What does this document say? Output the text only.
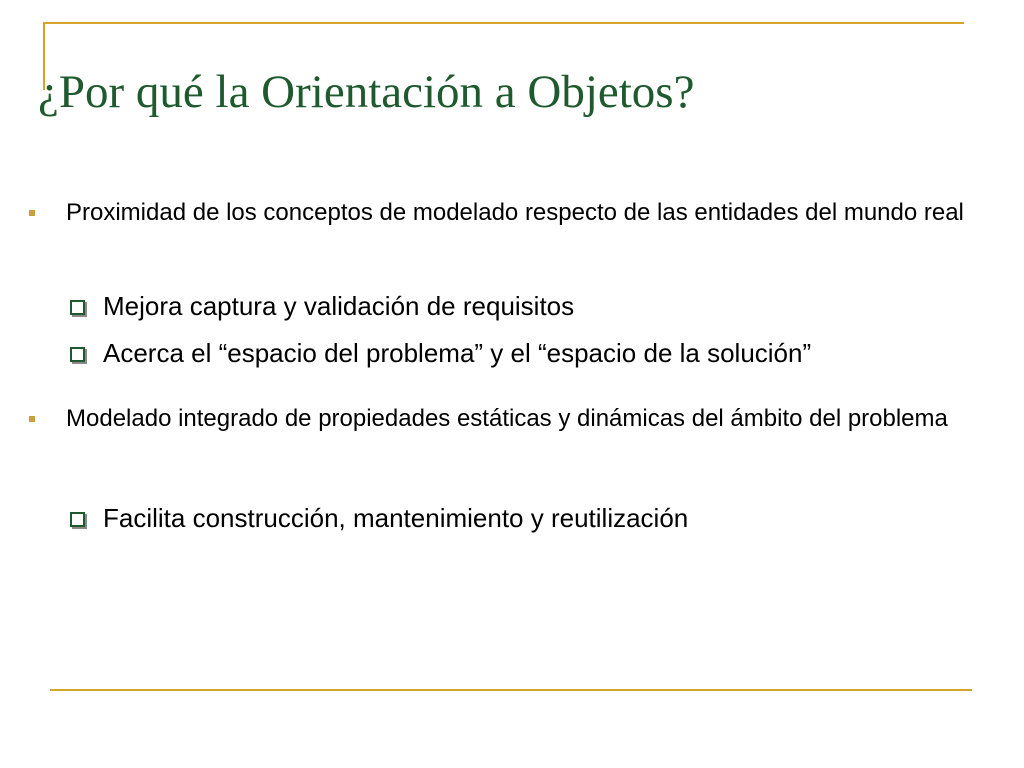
¿Por qué la Orientación a Objetos?
Proximidad de los conceptos de modelado respecto de las entidades del mundo real
Mejora captura y validación de requisitos
Acerca el “espacio del problema” y el “espacio de la solución”
Modelado integrado de propiedades estáticas y dinámicas del ámbito del problema
Facilita construcción, mantenimiento y reutilización
